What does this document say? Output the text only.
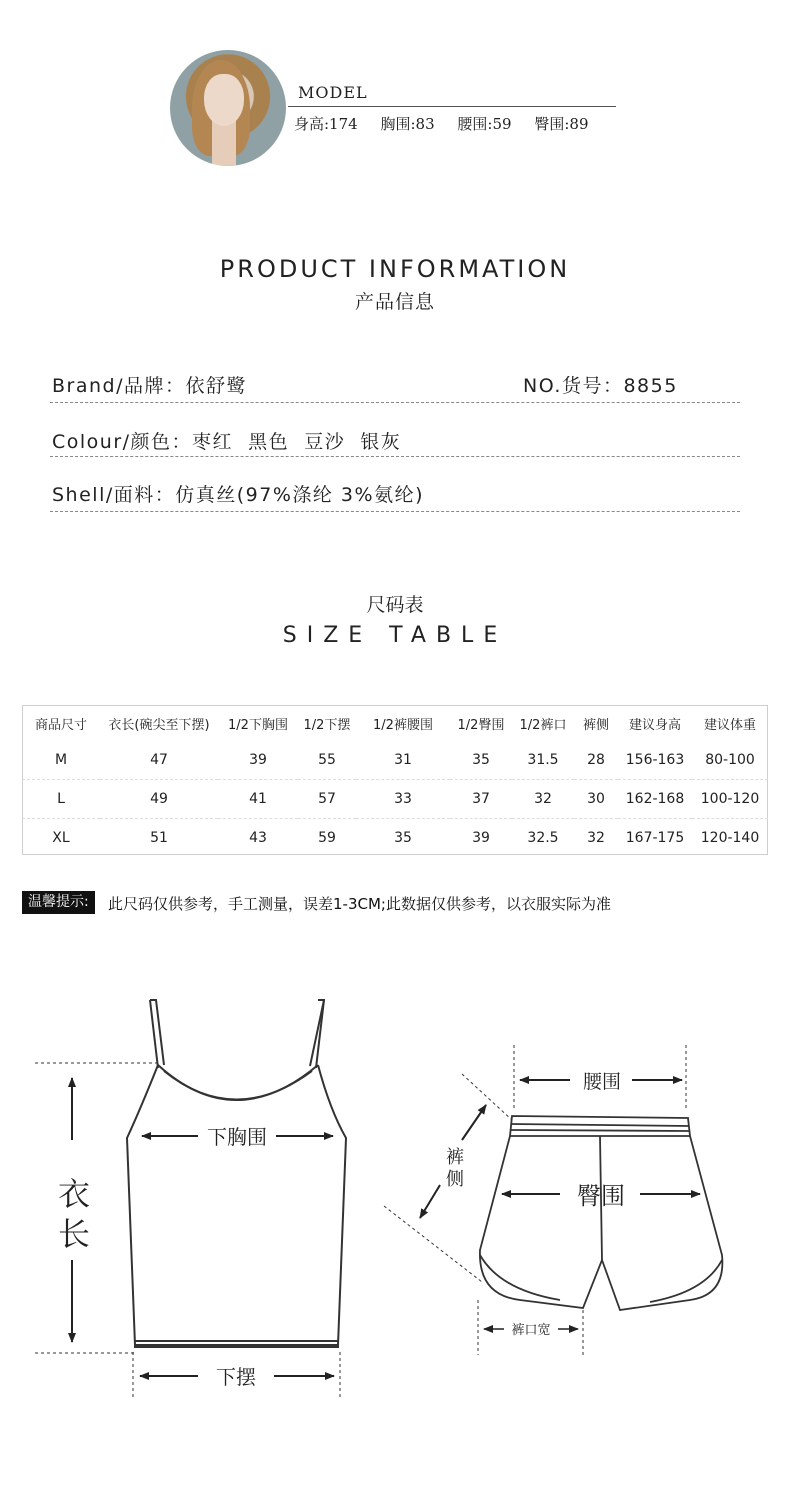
MODEL
身高:174 胸围:83 腰围:59 臀围:89
PRODUCT INFORMATION
产品信息
Brand/品牌：依舒鹭	NO.货号：8855
Colour/颜色：枣红  黑色  豆沙  银灰
Shell/面料：仿真丝(97%涤纶 3%氨纶)
尺码表
SIZE TABLE
商品尺寸	衣长(碗尖至下摆)	1/2下胸围	1/2下摆	1/2裤腰围	1/2臀围	1/2裤口	裤侧	建议身高	建议体重
M	47	39	55	31	35	31.5	28	156-163	80-100
L	49	41	57	33	37	32	30	162-168	100-120
XL	51	43	59	35	39	32.5	32	167-175	120-140
温馨提示:	此尺码仅供参考，手工测量，误差1-3CM;此数据仅供参考，以衣服实际为准
衣
长
下胸围
下摆
腰围
裤
侧
臀围
裤口宽
